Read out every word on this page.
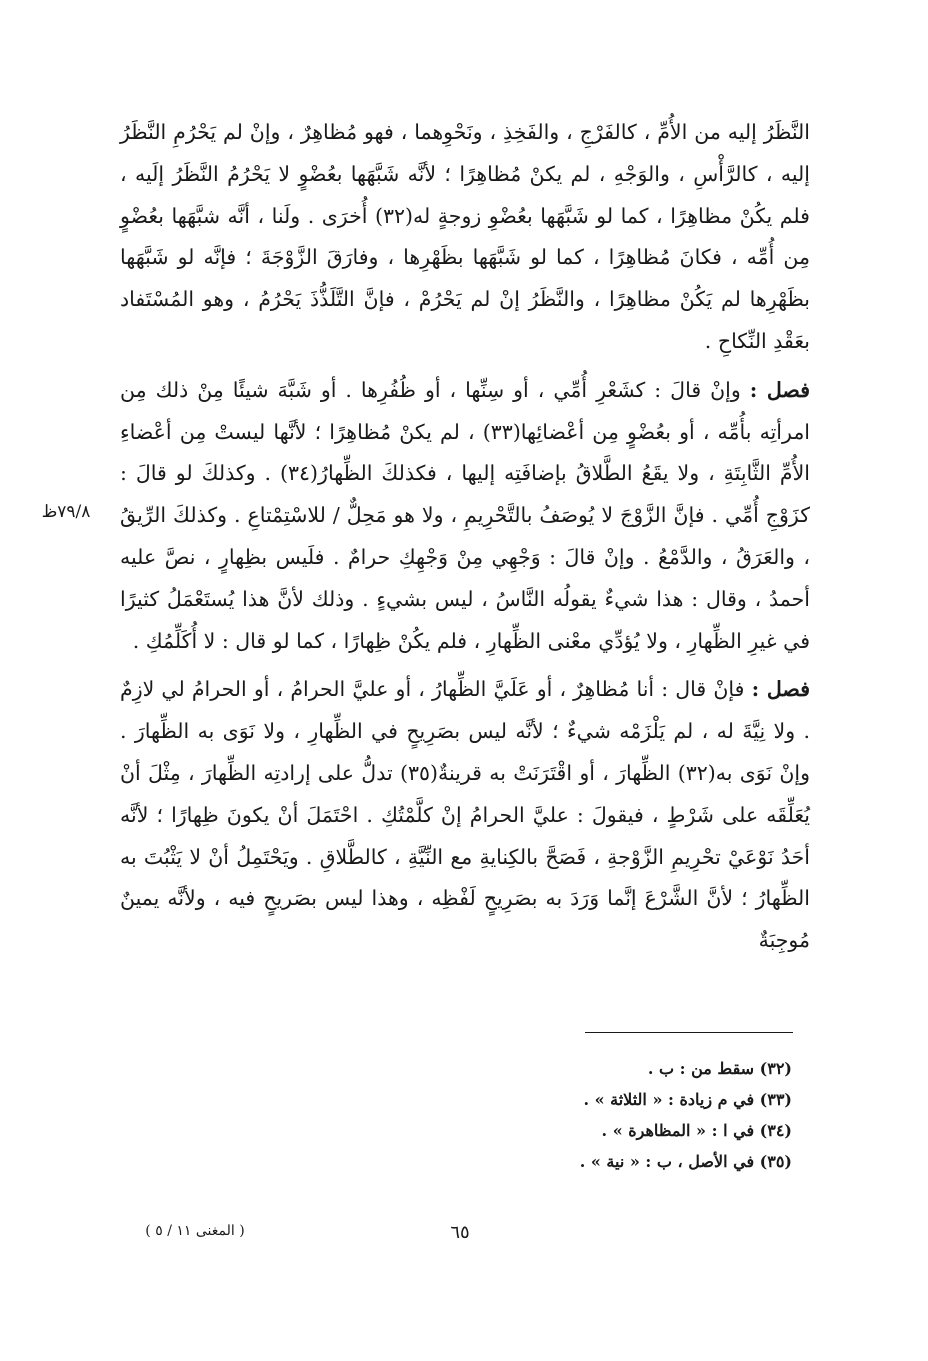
النَّظَرُ إليه من الأُمِّ ، كالفَرْجِ ، والفَخِذِ ، ونَحْوِهما ، فهو مُظاهِرٌ ، وإنْ لم يَحْرُمِ النَّظَرُ إليه ، كالرَّأْسِ ، والوَجْهِ ، لم يكنْ مُظاهِرًا ؛ لأنَّه شَبَّهَها بعُضْوٍ لا يَحْرُمُ النَّظَرُ إلَيه ، فلم يكُنْ مظاهِرًا ، كما لو شَبَّهَها بعُضْوِ زوجةٍ له(٣٢) أُخرَى . ولَنا ، أنَّه شبَّهَها بعُضْوٍ مِن أُمِّه ، فكانَ مُظاهِرًا ، كما لو شَبَّهَها بظَهْرِها ، وفارَقَ الزَّوْجَةَ ؛ فإنَّه لو شَبَّهَها بظَهْرِها لم يَكُنْ مظاهِرًا ، والنَّظَرُ إنْ لم يَحْرُمْ ، فإنَّ التَّلَذُّذَ يَحْرُمُ ، وهو المُسْتَفاد بعَقْدِ النِّكاحِ .

فصل : وإنْ قالَ : كشَعْرِ أُمِّي ، أو سِنِّها ، أو ظُفُرِها . أو شَبَّهَ شيئًا مِنْ ذلك مِن امرأتِه بأُمِّه ، أو بعُضْوٍ مِن أعْضائِها(٣٣) ، لم يكنْ مُظاهِرًا ؛ لأنَّها ليستْ مِن أعْضاءِ الأُمِّ الثَّابِتَةِ ، ولا يقَعُ الطَّلاقُ بإضافَتِه إليها ، فكذلكَ الظِّهارُ(٣٤) . وكذلكَ لو قالَ : كزَوْجِ أُمِّي . فإنَّ الزَّوْجَ لا يُوصَفُ بالتَّحْرِيمِ ، ولا هو مَحِلٌّ / للاسْتِمْتاعِ . وكذلكَ الرِّيقُ ، والعَرَقُ ، والدَّمْعُ . وإنْ قالَ : وَجْهِي مِنْ وَجْهِكِ حرامٌ . فلَيس بظِهارٍ ، نصَّ عليه أحمدُ ، وقال : هذا شيءٌ يقولُه النَّاسُ ، ليس بشيءٍ . وذلك لأنَّ هذا يُستَعْمَلُ كثيرًا في غيرِ الظِّهارِ ، ولا يُؤدِّي معْنى الظِّهارِ ، فلم يكُنْ ظِهارًا ، كما لو قال : لا أُكَلِّمُكِ .

فصل : فإنْ قال : أنا مُظاهِرٌ ، أو عَلَيَّ الظِّهارُ ، أو عليَّ الحرامُ ، أو الحرامُ لي لازِمٌ . ولا نِيَّةَ له ، لم يَلْزَمْه شيءٌ ؛ لأنَّه ليس بصَرِيحٍ في الظِّهارِ ، ولا نَوَى به الظِّهارَ . وإنْ نَوَى به(٣٢) الظِّهارَ ، أو اقْتَرَنَتْ به قرينةٌ(٣٥) تدلُّ على إرادتِه الظِّهارَ ، مِثْلَ أنْ يُعَلِّقَه على شَرْطٍ ، فيقولَ : عليَّ الحرامُ إنْ كلَّمْتُكِ . احْتَمَلَ أنْ يكونَ ظِهارًا ؛ لأنَّه أحَدُ نَوْعَيْ تحْرِيمِ الزَّوْجةِ ، فَصَحَّ بالكِنايةِ مع النِّيَّةِ ، كالطَّلاقِ . ويَحْتَمِلُ أنْ لا يَثْبُتَ به الظِّهارُ ؛ لأنَّ الشَّرْعَ إنَّما وَرَدَ به بصَرِيحٍ لَفْظِه ، وهذا ليس بصَريحٍ فيه ، ولأنَّه يمينٌ مُوجِبَةٌ

٧٩/٨ظ

(٣٢) سقط من : ب .

(٣٣) في م زيادة : « الثلاثة » .

(٣٤) في ا : « المظاهرة » .

(٣٥) في الأصل ، ب : « نية » .

٦٥
( المغنى ١١ / ٥ )
